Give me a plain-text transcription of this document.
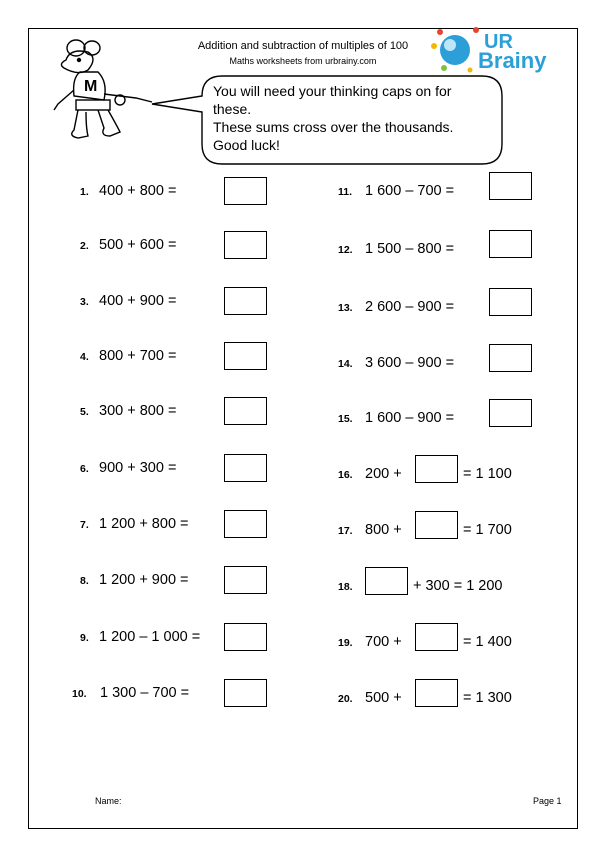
Addition and subtraction of multiples of 100
Maths worksheets from urbrainy.com
UR
Brainy
M	You will need your thinking caps on for
these.
These sums cross over the thousands.
Good luck!
1. 400 + 800 =
2. 500 + 600 =
3. 400 + 900 =
4. 800 + 700 =
5. 300 + 800 =
6. 900 + 300 =
7. 1 200 + 800 =
8. 1 200 + 900 =
9. 1 200 – 1 000 =
10. 1 300 – 700 =
11. 1 600 – 700 =
12. 1 500 – 800 =
13. 2 600 – 900 =
14. 3 600 – 900 =
15. 1 600 – 900 =
16. 200 +	= 1 100
17. 800 +	= 1 700
18.	+ 300 = 1 200
19. 700 +	= 1 400
20. 500 +	= 1 300
Name:	Page 1
